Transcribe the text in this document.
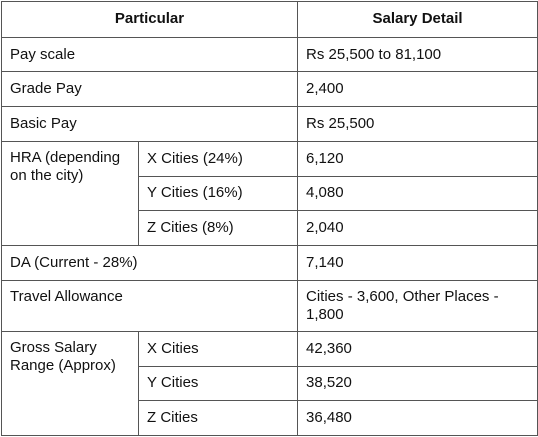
Particular		Salary Detail
Pay scale		Rs 25,500 to 81,100
Grade Pay		2,400
Basic Pay		Rs 25,500
HRA (depending on the city)	X Cities (24%)	6,120
	Y Cities (16%)	4,080
	Z Cities (8%)	2,040
DA (Current - 28%)		7,140
Travel Allowance		Cities - 3,600, Other Places - 1,800
Gross Salary Range (Approx)	X Cities	42,360
	Y Cities	38,520
	Z Cities	36,480
